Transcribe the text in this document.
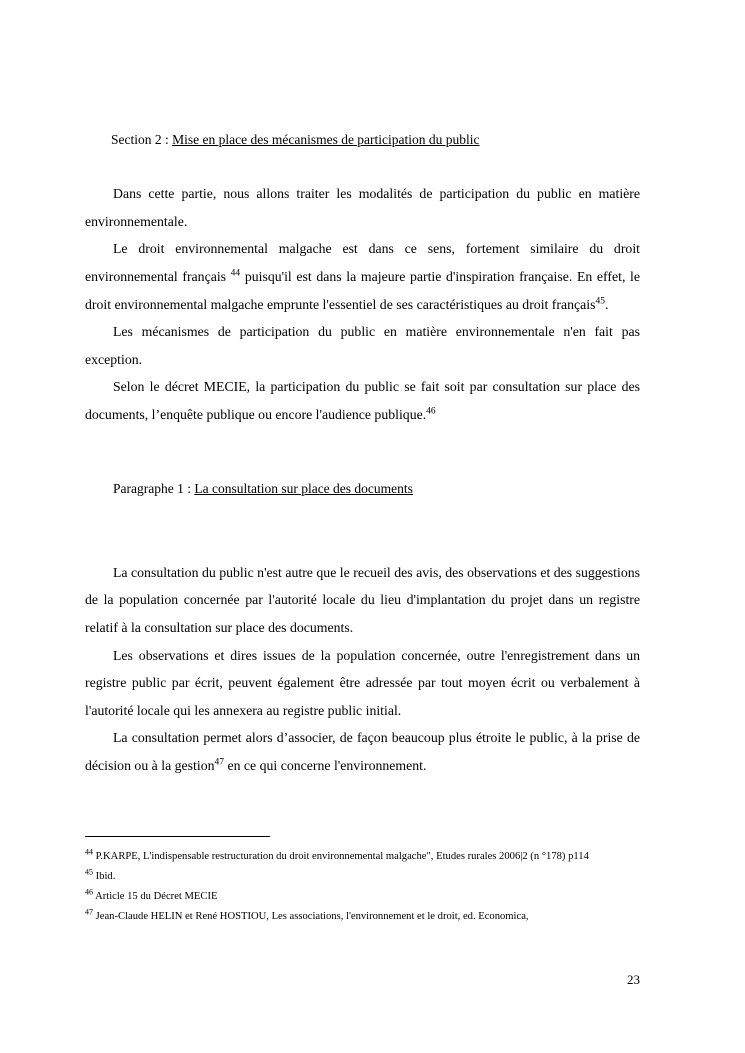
Section 2 : Mise en place des mécanismes de participation du public

Dans cette partie, nous allons traiter les modalités de participation du public en matière environnementale.

Le droit environnemental malgache est dans ce sens, fortement similaire du droit environnemental français $^{44}$ puisqu'il est dans la majeure partie d'inspiration française. En effet, le droit environnemental malgache emprunte l'essentiel de ses caractéristiques au droit français$^{45}$.

Les mécanismes de participation du public en matière environnementale n'en fait pas exception.

Selon le décret MECIE, la participation du public se fait soit par consultation sur place des documents, l’enquête publique ou encore l'audience publique.$^{46}$

Paragraphe 1 : La consultation sur place des documents

La consultation du public n'est autre que le recueil des avis, des observations et des suggestions de la population concernée par l'autorité locale du lieu d'implantation du projet dans un registre relatif à la consultation sur place des documents.

Les observations et dires issues de la population concernée, outre l'enregistrement dans un registre public par écrit, peuvent également être adressée par tout moyen écrit ou verbalement à l'autorité locale qui les annexera au registre public initial.

La consultation permet alors d’associer, de façon beaucoup plus étroite le public, à la prise de décision ou à la gestion$^{47}$ en ce qui concerne l'environnement.

$^{44}$ P.KARPE, L'indispensable restructuration du droit environnemental malgache", Etudes rurales 2006|2 (n °178) p114

$^{45}$ Ibid.

$^{46}$ Article 15 du Décret MECIE

$^{47}$ Jean-Claude HELIN et René HOSTIOU, Les associations, l'environnement et le droit, ed. Economica,

23
